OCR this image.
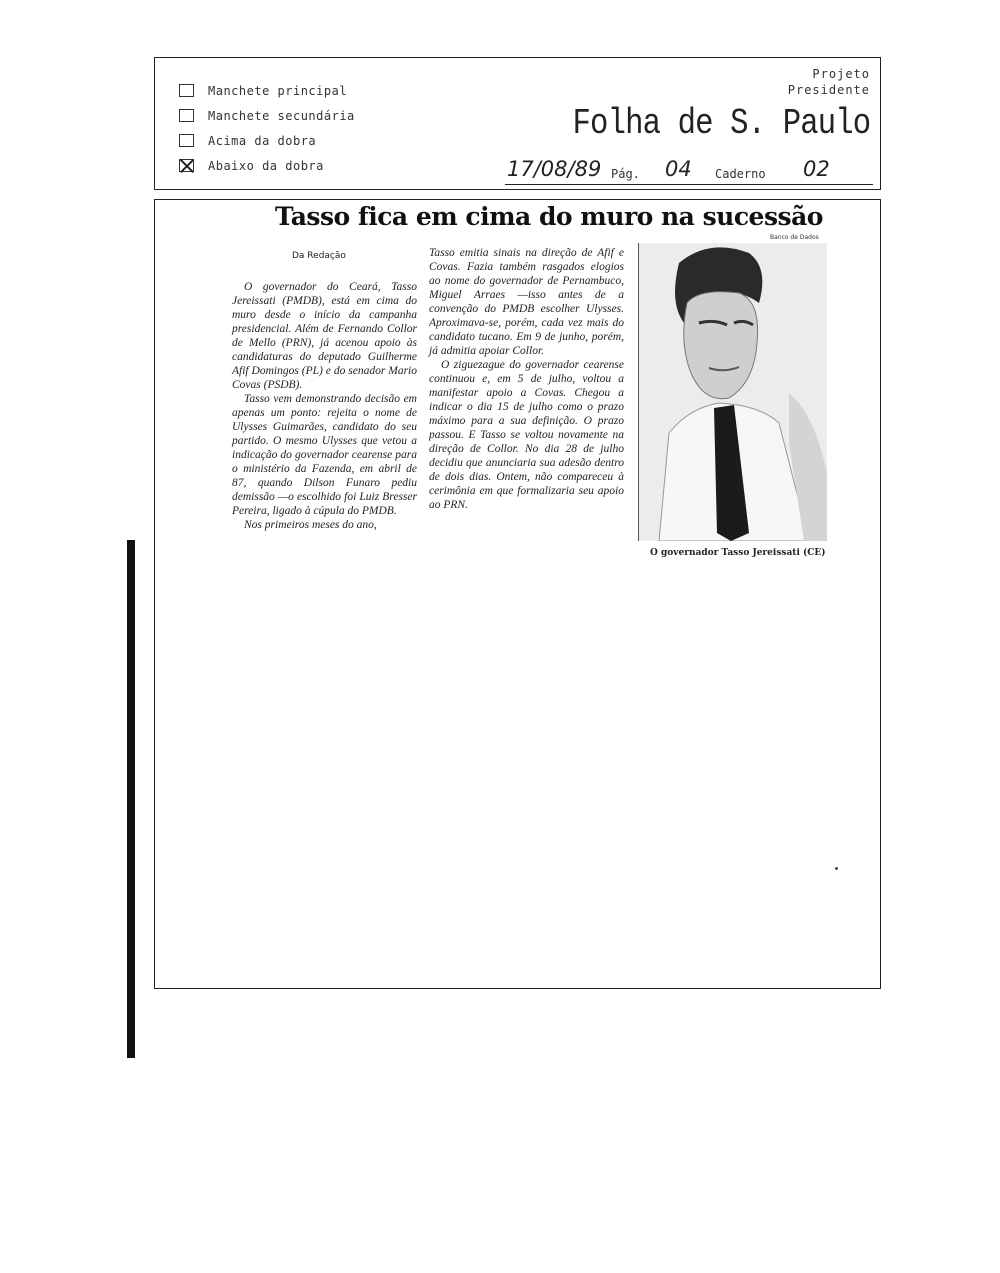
Manchete principal
Manchete secundária
Acima da dobra
Abaixo da dobra
Projeto
Presidente
Folha de S. Paulo
17/08/89 Pág. 04 Caderno 02
Tasso fica em cima do muro na sucessão
Da Redação

O governador do Ceará, Tasso Jereissati (PMDB), está em cima do muro desde o início da campanha presidencial. Além de Fernando Collor de Mello (PRN), já acenou apoio às candidaturas do deputado Guilherme Afif Domingos (PL) e do senador Mario Covas (PSDB).

Tasso vem demonstrando decisão em apenas um ponto: rejeita o nome de Ulysses Guimarães, candidato do seu partido. O mesmo Ulysses que vetou a indicação do governador cearense para o ministério da Fazenda, em abril de 87, quando Dilson Funaro pediu demissão —o escolhido foi Luiz Bresser Pereira, ligado à cúpula do PMDB.

Nos primeiros meses do ano,

Tasso emitia sinais na direção de Afif e Covas. Fazia também rasgados elogios ao nome do governador de Pernambuco, Miguel Arraes —isso antes de a convenção do PMDB escolher Ulysses. Aproximava-se, porém, cada vez mais do candidato tucano. Em 9 de junho, porém, já admitia apoiar Collor.

O ziguezague do governador cearense continuou e, em 5 de julho, voltou a manifestar apoio a Covas. Chegou a indicar o dia 15 de julho como o prazo máximo para a sua definição. O prazo passou. E Tasso se voltou novamente na direção de Collor. No dia 28 de julho decidiu que anunciaria sua adesão dentro de dois dias. Ontem, não compareceu à cerimônia em que formalizaria seu apoio ao PRN.

Banco de Dados
O governador Tasso Jereissati (CE)
